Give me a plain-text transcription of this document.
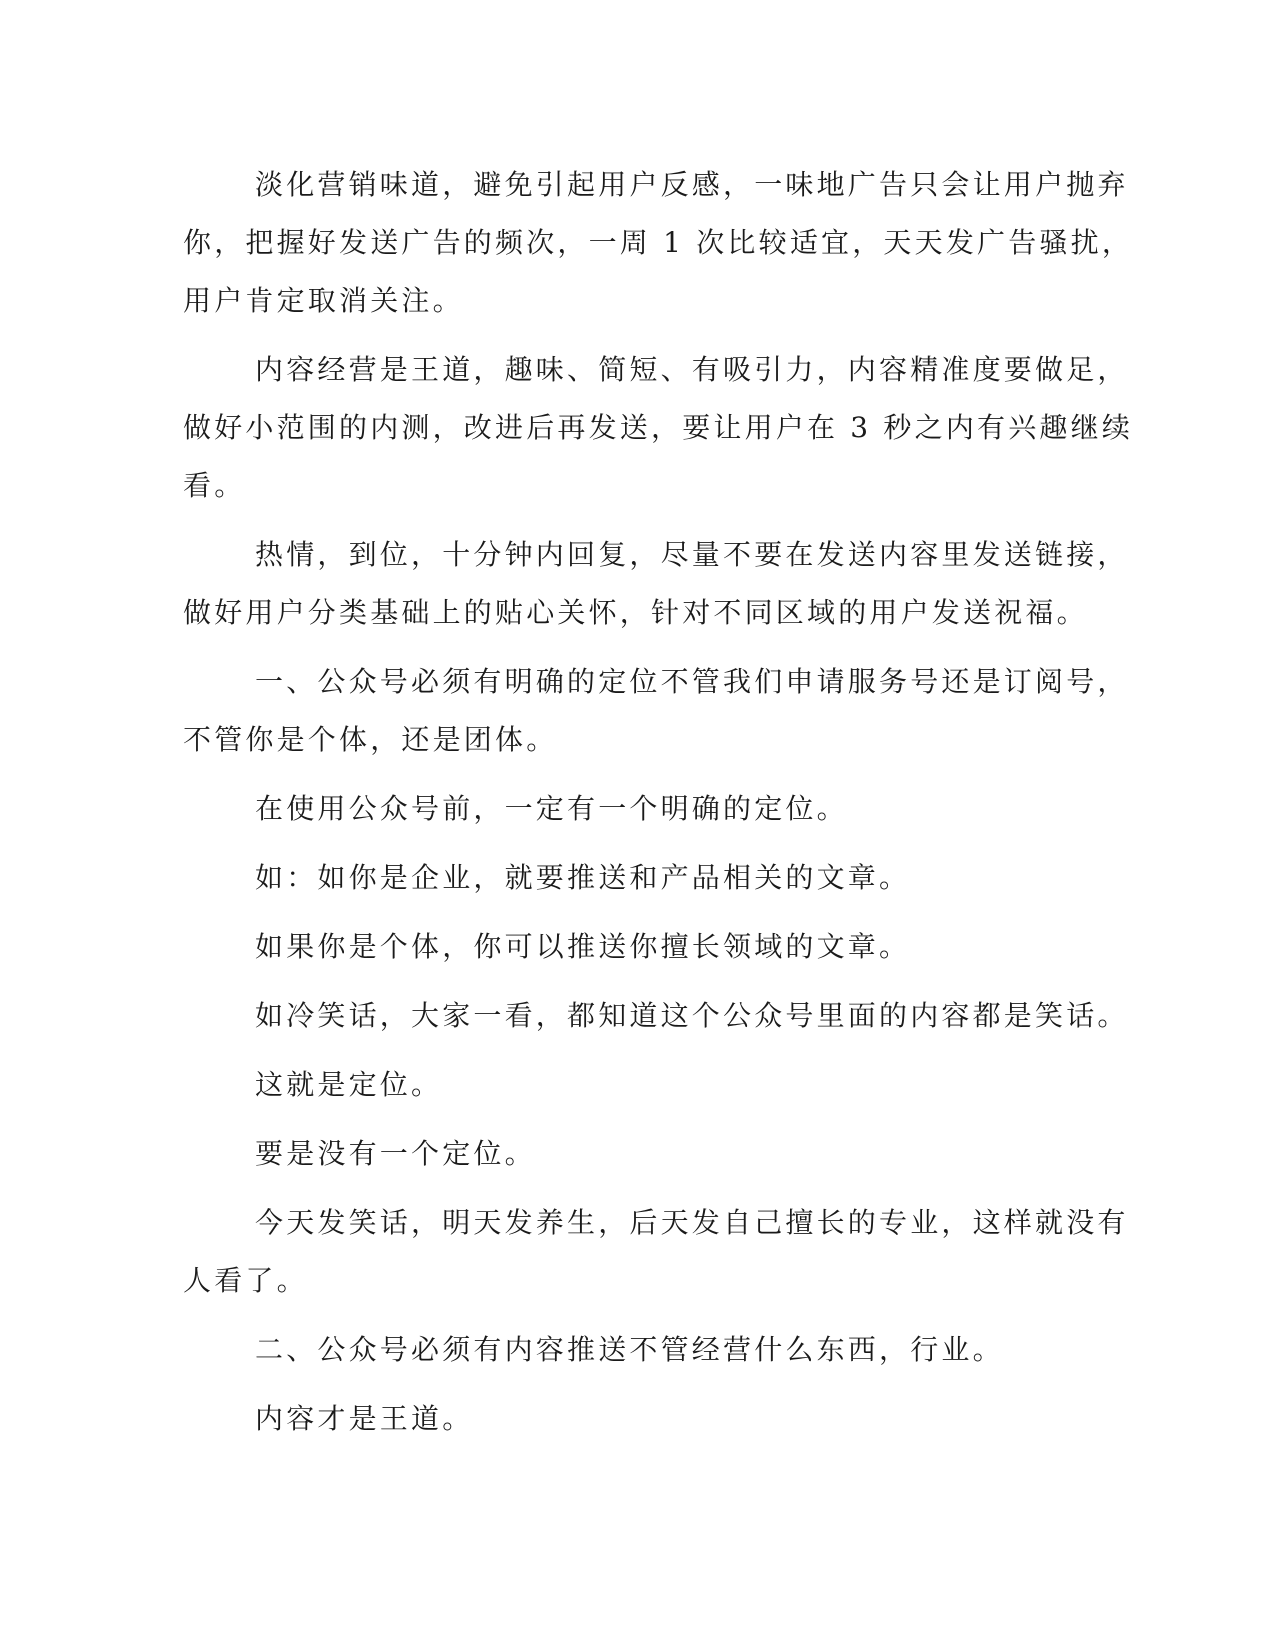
淡化营销味道，避免引起用户反感，一味地广告只会让用户抛弃
你，把握好发送广告的频次，一周 1 次比较适宜，天天发广告骚扰，
用户肯定取消关注。

内容经营是王道，趣味、简短、有吸引力，内容精准度要做足，
做好小范围的内测，改进后再发送，要让用户在 3 秒之内有兴趣继续
看。

热情，到位，十分钟内回复，尽量不要在发送内容里发送链接，
做好用户分类基础上的贴心关怀，针对不同区域的用户发送祝福。

一、公众号必须有明确的定位不管我们申请服务号还是订阅号，
不管你是个体，还是团体。

在使用公众号前，一定有一个明确的定位。

如：如你是企业，就要推送和产品相关的文章。

如果你是个体，你可以推送你擅长领域的文章。

如冷笑话，大家一看，都知道这个公众号里面的内容都是笑话。

这就是定位。

要是没有一个定位。

今天发笑话，明天发养生，后天发自己擅长的专业，这样就没有
人看了。

二、公众号必须有内容推送不管经营什么东西，行业。

内容才是王道。
